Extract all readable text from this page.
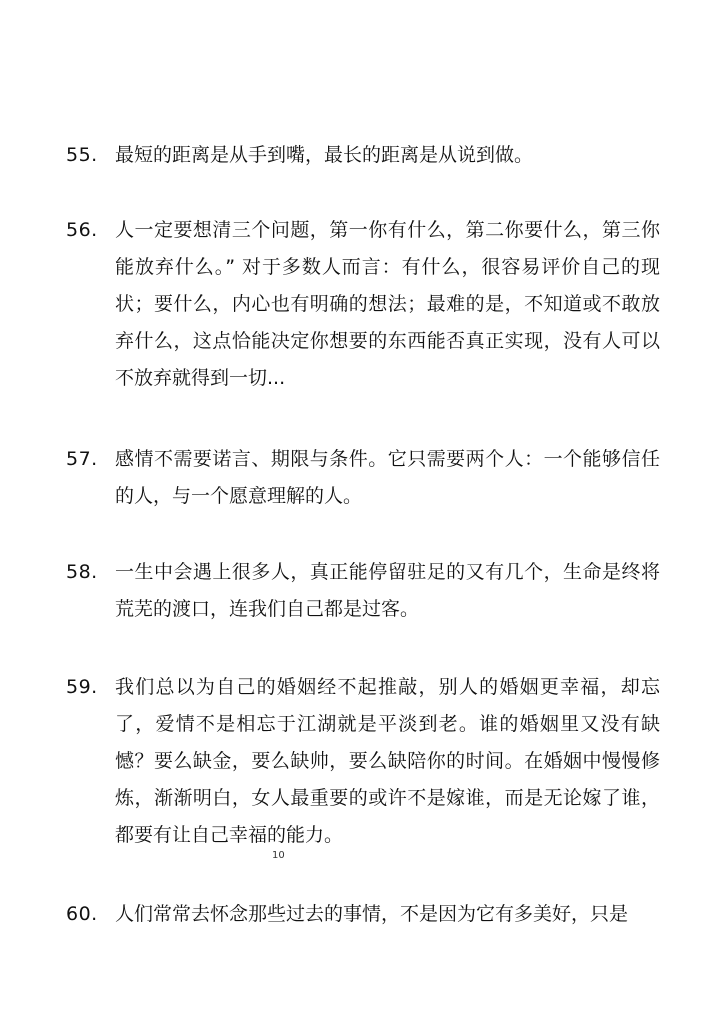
55. 最短的距离是从手到嘴，最长的距离是从说到做。
56. 人一定要想清三个问题，第一你有什么，第二你要什么，第三你能放弃什么。” 对于多数人而言：有什么，很容易评价自己的现状；要什么，内心也有明确的想法；最难的是，不知道或不敢放弃什么，这点恰能决定你想要的东西能否真正实现，没有人可以不放弃就得到一切...
57. 感情不需要诺言、期限与条件。它只需要两个人：一个能够信任的人，与一个愿意理解的人。
58. 一生中会遇上很多人，真正能停留驻足的又有几个，生命是终将荒芜的渡口，连我们自己都是过客。
59. 我们总以为自己的婚姻经不起推敲，别人的婚姻更幸福，却忘了，爱情不是相忘于江湖就是平淡到老。谁的婚姻里又没有缺憾？要么缺金，要么缺帅，要么缺陪你的时间。在婚姻中慢慢修炼，渐渐明白，女人最重要的或许不是嫁谁，而是无论嫁了谁，都要有让自己幸福的能力。
10
60. 人们常常去怀念那些过去的事情，不是因为它有多美好，只是
